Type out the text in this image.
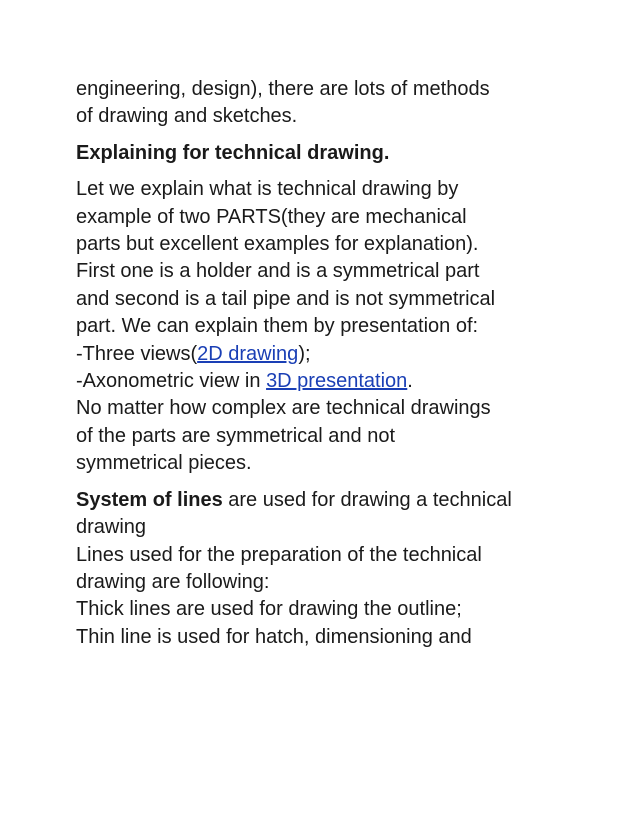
engineering, design), there are lots of methods
of drawing and sketches.

Explaining for technical drawing.

Let we explain what is technical drawing by
example of two PARTS(they are mechanical
parts but excellent examples for explanation).
First one is a holder and is a symmetrical part
and second is a tail pipe and is not symmetrical
part. We can explain them by presentation of:
-Three views(2D drawing);
-Axonometric view in 3D presentation.
No matter how complex are technical drawings
of the parts are symmetrical and not
symmetrical pieces.

System of lines are used for drawing a technical
drawing
Lines used for the preparation of the technical
drawing are following:
Thick lines are used for drawing the outline;
Thin line is used for hatch, dimensioning and
